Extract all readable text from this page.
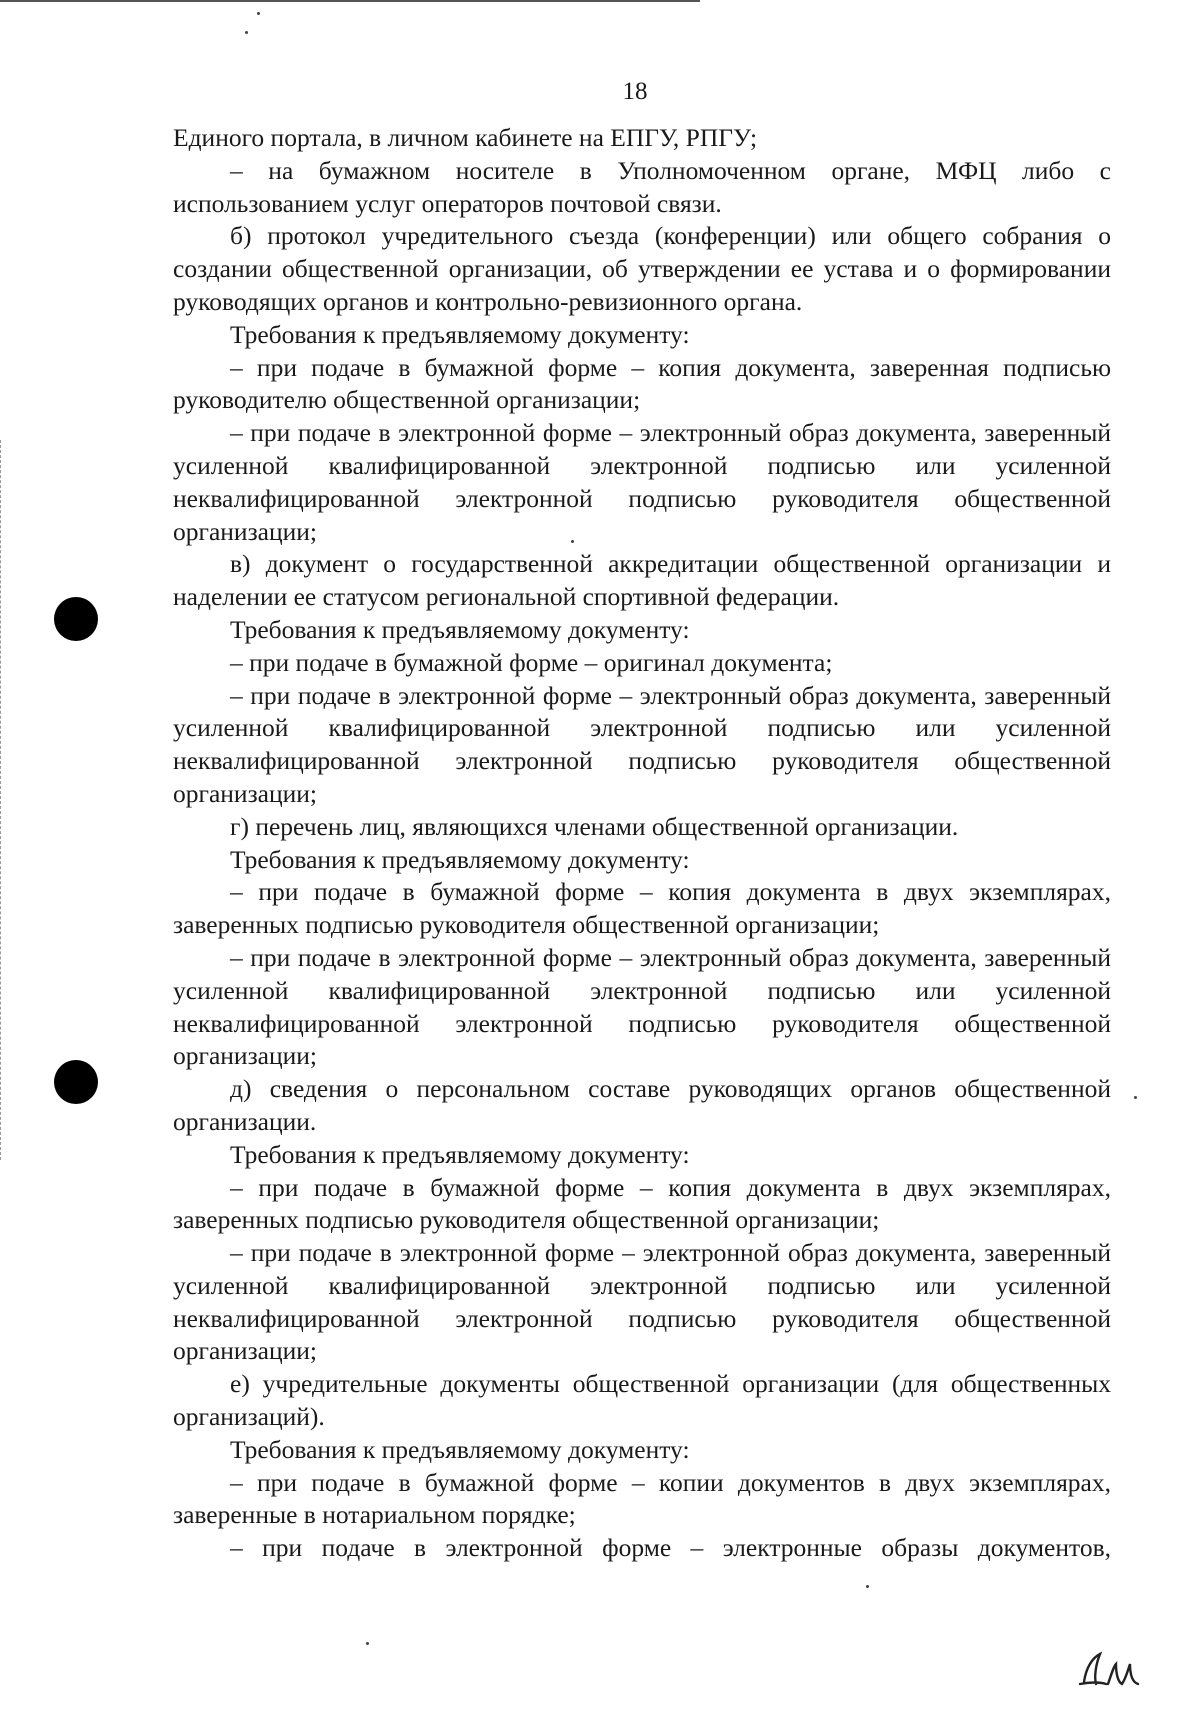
18

Единого портала, в личном кабинете на ЕПГУ, РПГУ;

– на бумажном носителе в Уполномоченном органе, МФЦ либо с использованием услуг операторов почтовой связи.

б) протокол учредительного съезда (конференции) или общего собрания о создании общественной организации, об утверждении ее устава и о формировании руководящих органов и контрольно-ревизионного органа.

Требования к предъявляемому документу:

– при подаче в бумажной форме – копия документа, заверенная подписью руководителю общественной организации;

– при подаче в электронной форме – электронный образ документа, заверенный усиленной квалифицированной электронной подписью или усиленной неквалифицированной электронной подписью руководителя общественной организации;

в) документ о государственной аккредитации общественной организации и наделении ее статусом региональной спортивной федерации.

Требования к предъявляемому документу:

– при подаче в бумажной форме – оригинал документа;

– при подаче в электронной форме – электронный образ документа, заверенный усиленной квалифицированной электронной подписью или усиленной неквалифицированной электронной подписью руководителя общественной организации;

г) перечень лиц, являющихся членами общественной организации.

Требования к предъявляемому документу:

– при подаче в бумажной форме – копия документа в двух экземплярах, заверенных подписью руководителя общественной организации;

– при подаче в электронной форме – электронный образ документа, заверенный усиленной квалифицированной электронной подписью или усиленной неквалифицированной электронной подписью руководителя общественной организации;

д) сведения о персональном составе руководящих органов общественной организации.

Требования к предъявляемому документу:

– при подаче в бумажной форме – копия документа в двух экземплярах, заверенных подписью руководителя общественной организации;

– при подаче в электронной форме – электронной образ документа, заверенный усиленной квалифицированной электронной подписью или усиленной неквалифицированной электронной подписью руководителя общественной организации;

е) учредительные документы общественной организации (для общественных организаций).

Требования к предъявляемому документу:

– при подаче в бумажной форме – копии документов в двух экземплярах, заверенные в нотариальном порядке;

– при подаче в электронной форме – электронные образы документов,
